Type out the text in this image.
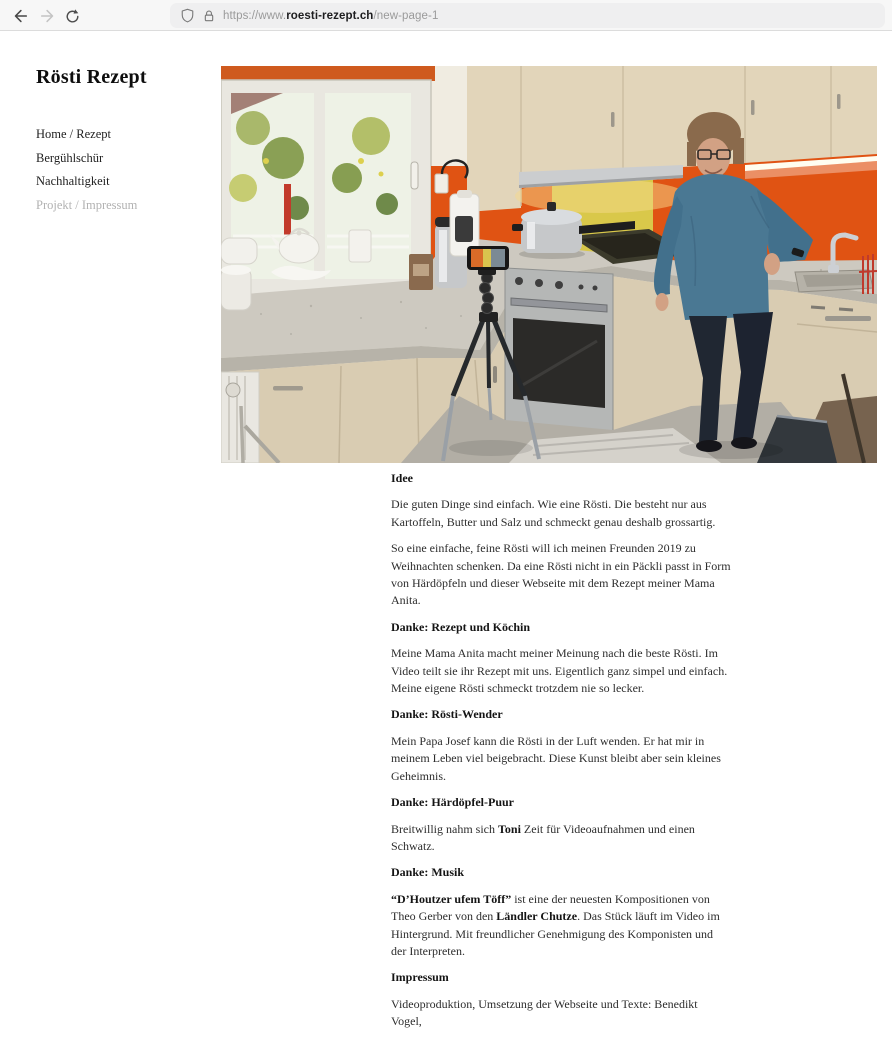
https://www.roesti-rezept.ch/new-page-1
Rösti Rezept
Home / Rezept
Bergühlschür
Nachhaltigkeit
Projekt / Impressum
Idee

Die guten Dinge sind einfach. Wie eine Rösti. Die besteht nur aus Kartoffeln, Butter und Salz und schmeckt genau deshalb grossartig.

So eine einfache, feine Rösti will ich meinen Freunden 2019 zu Weihnachten schenken. Da eine Rösti nicht in ein Päckli passt in Form von Härdöpfeln und dieser Webseite mit dem Rezept meiner Mama Anita.

Danke: Rezept und Köchin

Meine Mama Anita macht meiner Meinung nach die beste Rösti. Im Video teilt sie ihr Rezept mit uns. Eigentlich ganz simpel und einfach. Meine eigene Rösti schmeckt trotzdem nie so lecker.

Danke: Rösti-Wender

Mein Papa Josef kann die Rösti in der Luft wenden. Er hat mir in meinem Leben viel beigebracht. Diese Kunst bleibt aber sein kleines Geheimnis.

Danke: Härdöpfel-Puur

Breitwillig nahm sich Toni Zeit für Videoaufnahmen und einen Schwatz.

Danke: Musik

“D’Houtzer ufem Töff” ist eine der neuesten Kompositionen von Theo Gerber von den Ländler Chutze. Das Stück läuft im Video im Hintergrund. Mit freundlicher Genehmigung des Komponisten und der Interpreten.

Impressum

Videoproduktion, Umsetzung der Webseite und Texte: Benedikt Vogel,
